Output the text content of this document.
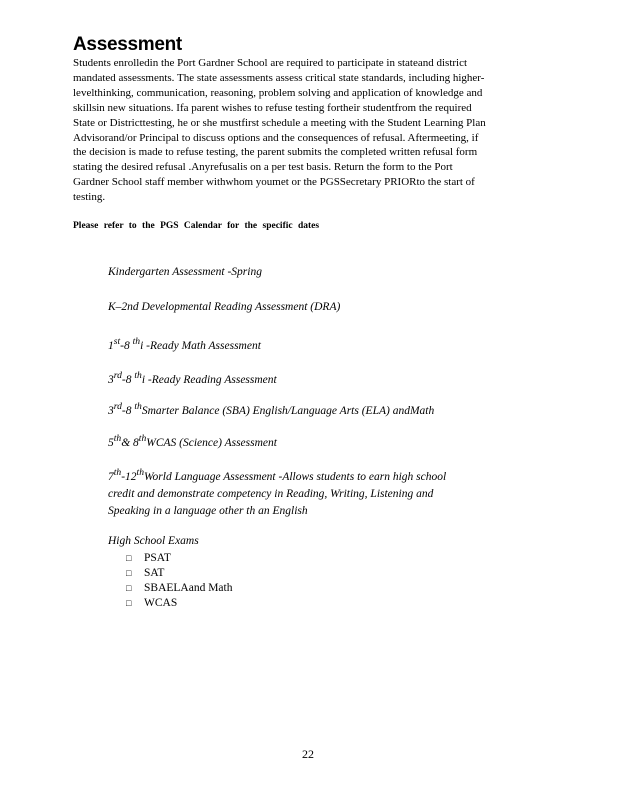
Assessment

Students enrolledin the Port Gardner School are required to participate in stateand district

mandated assessments. The state assessments assess critical state standards, including higher-

levelthinking, communication, reasoning, problem solving and application of knowledge and

skillsin new situations. Ifa parent wishes to refuse testing fortheir studentfrom the required

State or Districttesting, he or she mustfirst schedule a meeting with the Student Learning Plan

Advisorand/or Principal to discuss options and the consequences of refusal. Aftermeeting, if

the decision is made to refuse testing, the parent submits the completed written refusal form

stating the desired refusal .Anyrefusalis on a per test basis. Return the form to the Port

Gardner School staff member withwhom youmet or the PGSSecretary PRIORto the start of

testing.

Please refer to the PGS Calendar for the specific dates
Kindergarten Assessment -Spring
K–2nd Developmental Reading Assessment (DRA)
1st-8 $^{th}$i -Ready Math Assessment
3rd-8 $^{th}$i -Ready Reading Assessment
3rd-8 $^{th}$Smarter Balance (SBA) English/Language Arts (ELA) andMath
5th& 8thWCAS (Science) Assessment
7th-12thWorld Language Assessment -Allows students to earn high school
credit and demonstrate competency in Reading, Writing, Listening and
Speaking in a language other th an English
High School Exams
□	PSAT
□	SAT
□	SBAELAand Math
□	WCAS
22
